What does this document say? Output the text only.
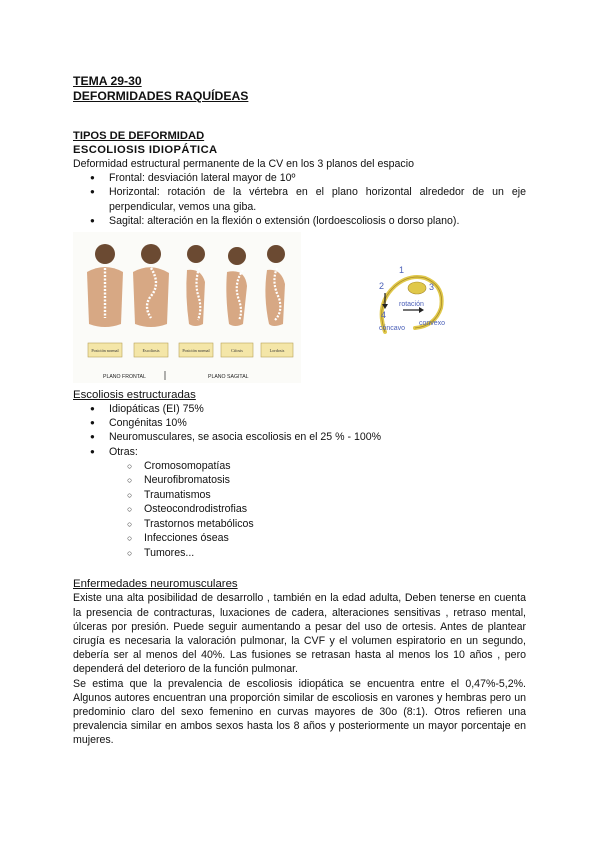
TEMA 29-30

DEFORMIDADES RAQUÍDEAS

TIPOS DE DEFORMIDAD

ESCOLIOSIS IDIOPÁTICA

Deformidad estructural permanente de la CV en los 3 planos del espacio

● Frontal: desviación lateral mayor de 10º
● Horizontal: rotación de la vértebra en el plano horizontal alrededor de un eje perpendicular, vemos una giba.
● Sagital: alteración en la flexión o extensión (lordoescoliosis o dorso plano).
Posición normal	Escoliosis	Posición normal	Cifosis	Lordosis
PLANO FRONTAL	PLANO SAGITAL
1
2	3
4
rotación
cóncavo
convexo

Escoliosis estructuradas

● Idiopáticas (EI) 75%
● Congénitas 10%
● Neuromusculares, se asocia escoliosis en el 25 % - 100%
● Otras:
○ Cromosomopatías
○ Neurofibromatosis
○ Traumatismos
○ Osteocondrodistrofias
○ Trastornos metabólicos
○ Infecciones óseas
○ Tumores...

Enfermedades neuromusculares

Existe una alta posibilidad de desarrollo , también en la edad adulta, Deben tenerse en cuenta la presencia de contracturas, luxaciones de cadera, alteraciones sensitivas , retraso mental, úlceras por presión. Puede seguir aumentando a pesar del uso de ortesis. Antes de plantear cirugía es necesaria la valoración pulmonar, la CVF y el volumen espiratorio en un segundo, debería ser al menos del 40%. Las fusiones se retrasan hasta al menos los 10 años , pero dependerá del deterioro de la función pulmonar.

Se estima que la prevalencia de escoliosis idiopática se encuentra entre el 0,47%-5,2%. Algunos autores encuentran una proporción similar de escoliosis en varones y hembras pero un predominio claro del sexo femenino en curvas mayores de 30o (8:1). Otros refieren una prevalencia similar en ambos sexos hasta los 8 años y posteriormente un mayor porcentaje en mujeres.
